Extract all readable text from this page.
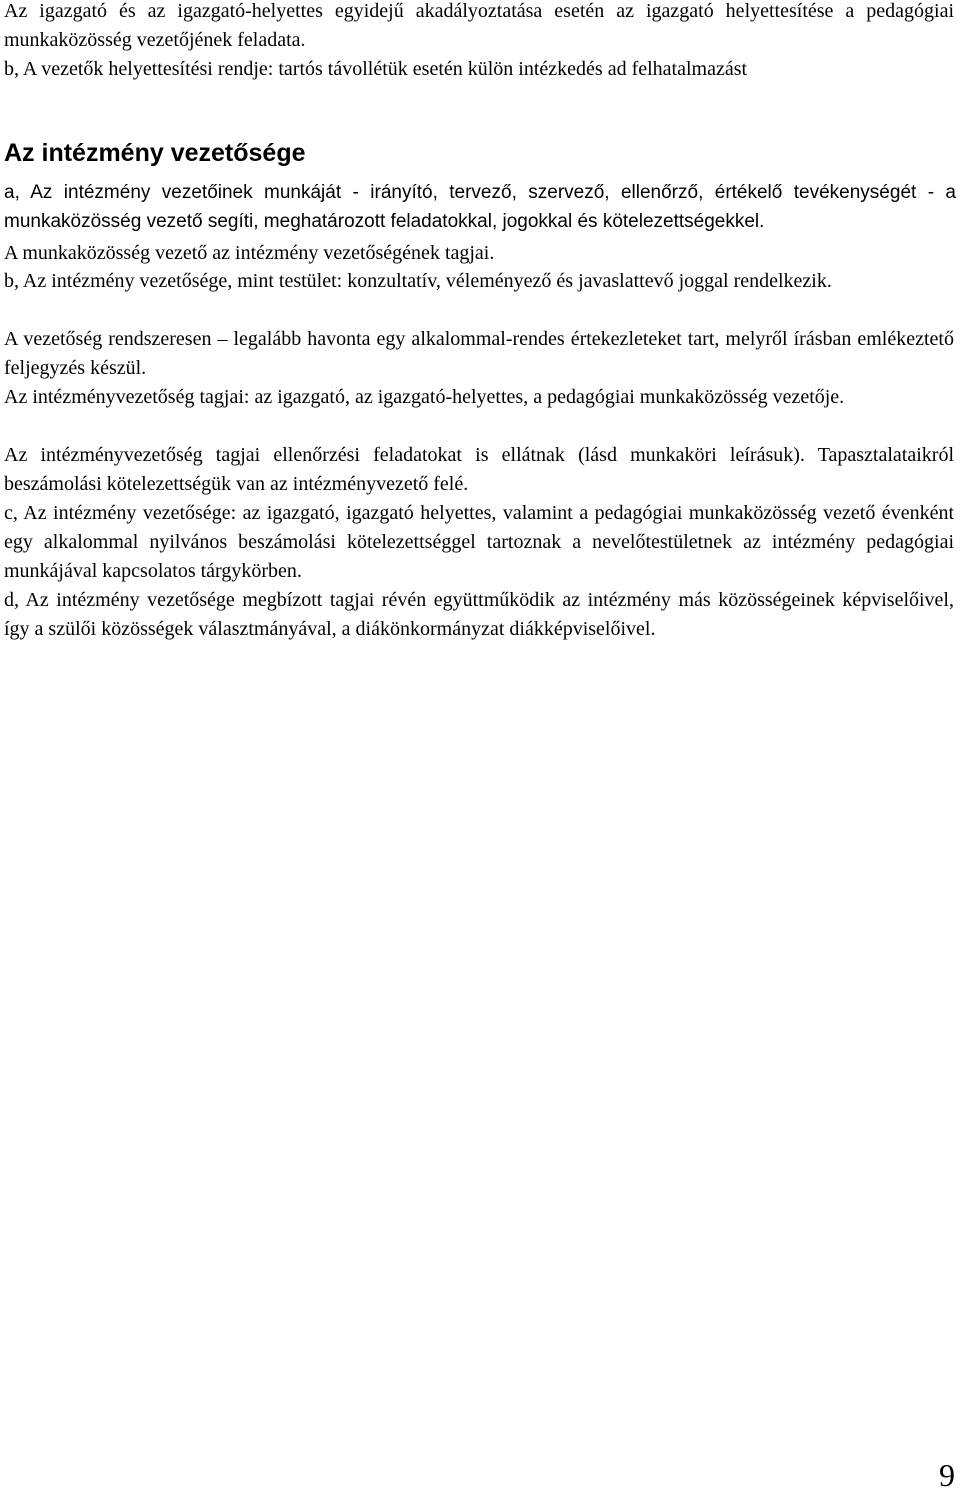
Az igazgató és az igazgató-helyettes egyidejű akadályoztatása esetén az igazgató helyettesítése a pedagógiai munkaközösség vezetőjének feladata.

b, A vezetők helyettesítési rendje: tartós távollétük esetén külön intézkedés ad felhatalmazást

Az intézmény vezetősége

a, Az intézmény vezetőinek munkáját - irányító, tervező, szervező, ellenőrző, értékelő tevékenységét - a munkaközösség vezető segíti, meghatározott feladatokkal, jogokkal és kötelezettségekkel.

A munkaközösség vezető az intézmény vezetőségének tagjai.

b, Az intézmény vezetősége, mint testület: konzultatív, véleményező és javaslattevő joggal rendelkezik.

A vezetőség rendszeresen – legalább havonta egy alkalommal-rendes értekezleteket tart, melyről írásban emlékeztető feljegyzés készül.

Az intézményvezetőség tagjai: az igazgató, az igazgató-helyettes, a pedagógiai munkaközösség vezetője.

Az intézményvezetőség tagjai ellenőrzési feladatokat is ellátnak (lásd munkaköri leírásuk). Tapasztalataikról beszámolási kötelezettségük van az intézményvezető felé.

c, Az intézmény vezetősége: az igazgató, igazgató helyettes, valamint a pedagógiai munkaközösség vezető évenként egy alkalommal nyilvános beszámolási kötelezettséggel tartoznak a nevelőtestületnek az intézmény pedagógiai munkájával kapcsolatos tárgykörben.

d, Az intézmény vezetősége megbízott tagjai révén együttműködik az intézmény más közösségeinek képviselőivel, így a szülői közösségek választmányával, a diákönkormányzat diákképviselőivel.

9
